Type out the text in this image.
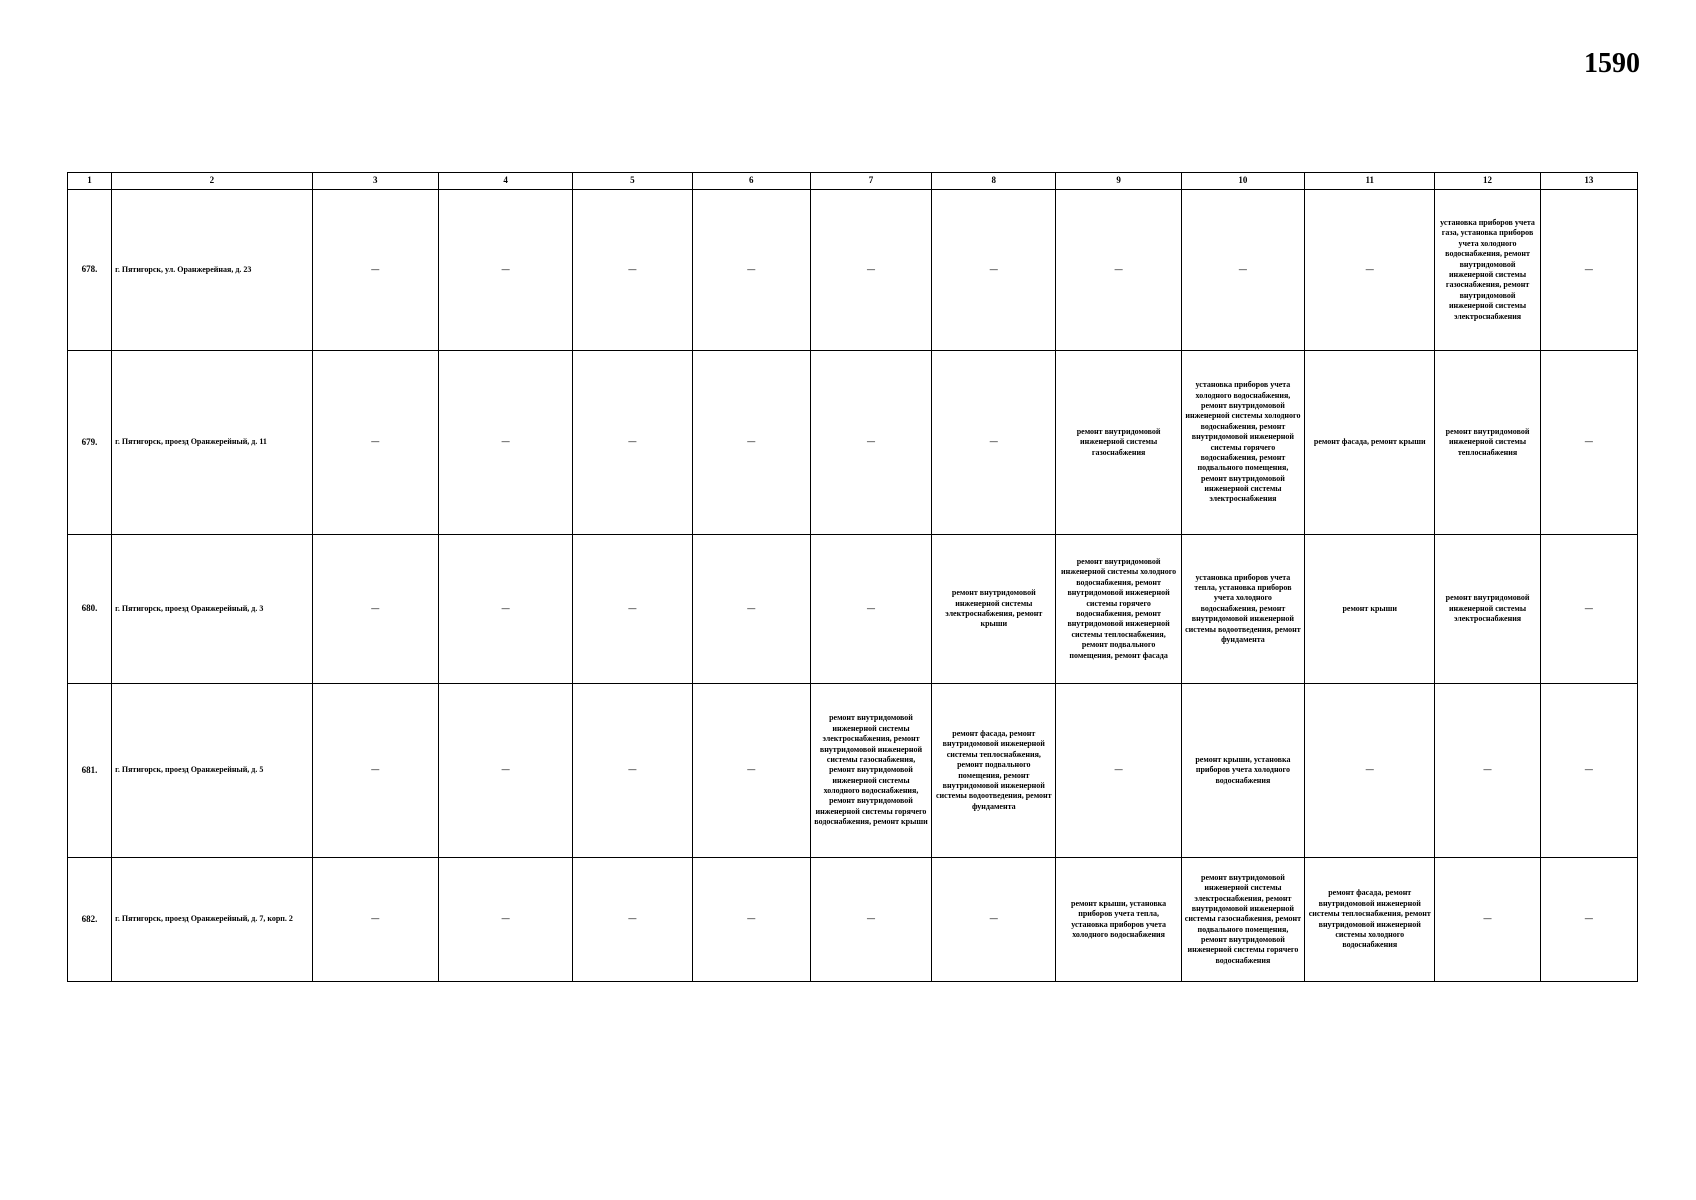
1590
1	2	3	4	5	6	7	8	9	10	11	12	13
678.	г. Пятигорск, ул. Оранжерейная, д. 23	—	—	—	—	—	—	—	—	—	установка приборов учета газа, установка приборов учета холодного водоснабжения, ремонт внутридомовой инженерной системы газоснабжения, ремонт внутридомовой инженерной системы электроснабжения	—
679.	г. Пятигорск, проезд Оранжерейный, д. 11	—	—	—	—	—	—	ремонт внутридомовой инженерной системы газоснабжения	установка приборов учета холодного водоснабжения, ремонт внутридомовой инженерной системы холодного водоснабжения, ремонт внутридомовой инженерной системы горячего водоснабжения, ремонт подвального помещения, ремонт внутридомовой инженерной системы электроснабжения	ремонт фасада, ремонт крыши	ремонт внутридомовой инженерной системы теплоснабжения	—
680.	г. Пятигорск, проезд Оранжерейный, д. 3	—	—	—	—	—	ремонт внутридомовой инженерной системы электроснабжения, ремонт крыши	ремонт внутридомовой инженерной системы холодного водоснабжения, ремонт внутридомовой инженерной системы горячего водоснабжения, ремонт внутридомовой инженерной системы теплоснабжения, ремонт подвального помещения, ремонт фасада	установка приборов учета тепла, установка приборов учета холодного водоснабжения, ремонт внутридомовой инженерной системы водоотведения, ремонт фундамента	ремонт крыши	ремонт внутридомовой инженерной системы электроснабжения	—
681.	г. Пятигорск, проезд Оранжерейный, д. 5	—	—	—	—	ремонт внутридомовой инженерной системы электроснабжения, ремонт внутридомовой инженерной системы газоснабжения, ремонт внутридомовой инженерной системы холодного водоснабжения, ремонт внутридомовой инженерной системы горячего водоснабжения, ремонт крыши	ремонт фасада, ремонт внутридомовой инженерной системы теплоснабжения, ремонт подвального помещения, ремонт внутридомовой инженерной системы водоотведения, ремонт фундамента	—	ремонт крыши, установка приборов учета холодного водоснабжения	—	—	—
682.	г. Пятигорск, проезд Оранжерейный, д. 7, корп. 2	—	—	—	—	—	—	ремонт крыши, установка приборов учета тепла, установка приборов учета холодного водоснабжения	ремонт внутридомовой инженерной системы электроснабжения, ремонт внутридомовой инженерной системы газоснабжения, ремонт подвального помещения, ремонт внутридомовой инженерной системы горячего водоснабжения	ремонт фасада, ремонт внутридомовой инженерной системы теплоснабжения, ремонт внутридомовой инженерной системы холодного водоснабжения	—	—
